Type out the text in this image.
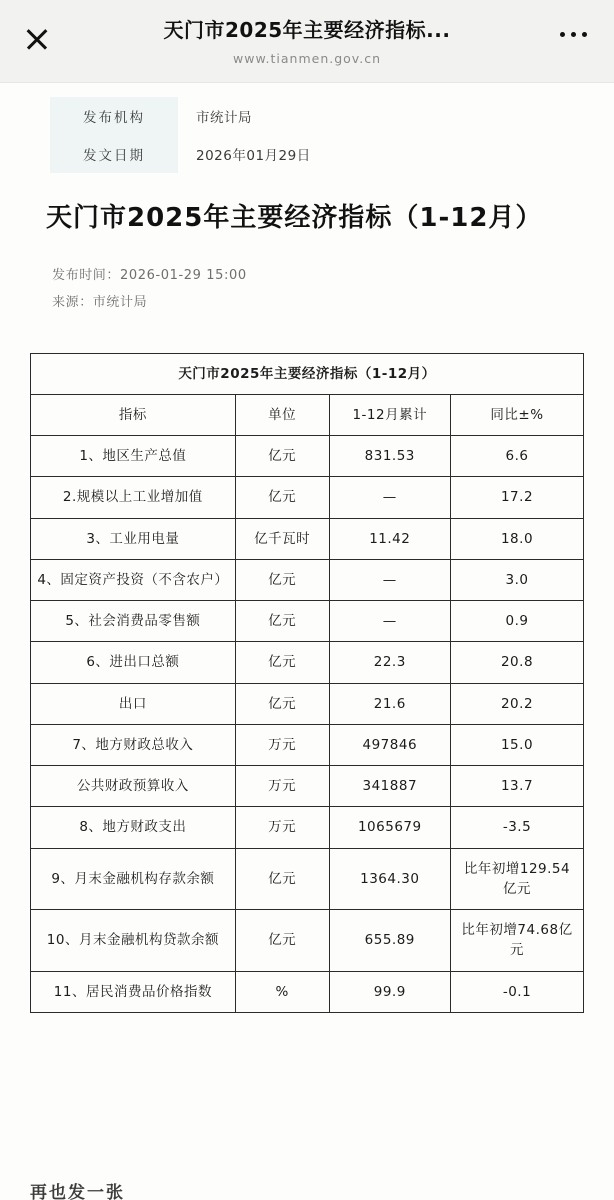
天门市2025年主要经济指标...
www.tianmen.gov.cn
发布机构	市统计局
发文日期	2026年01月29日
天门市2025年主要经济指标（1-12月）
发布时间：2026-01-29 15:00
来源：市统计局
天门市2025年主要经济指标（1-12月）			
指标	单位	1-12月累计	同比±%
1、地区生产总值	亿元	831.53	6.6
2.规模以上工业增加值	亿元	—	17.2
3、工业用电量	亿千瓦时	11.42	18.0
4、固定资产投资（不含农户）	亿元	—	3.0
5、社会消费品零售额	亿元	—	0.9
6、进出口总额	亿元	22.3	20.8
出口	亿元	21.6	20.2
7、地方财政总收入	万元	497846	15.0
公共财政预算收入	万元	341887	13.7
8、地方财政支出	万元	1065679	-3.5
9、月末金融机构存款余额	亿元	1364.30	比年初增129.54亿元
10、月末金融机构贷款余额	亿元	655.89	比年初增74.68亿元
11、居民消费品价格指数	%	99.9	-0.1
再也发一张
